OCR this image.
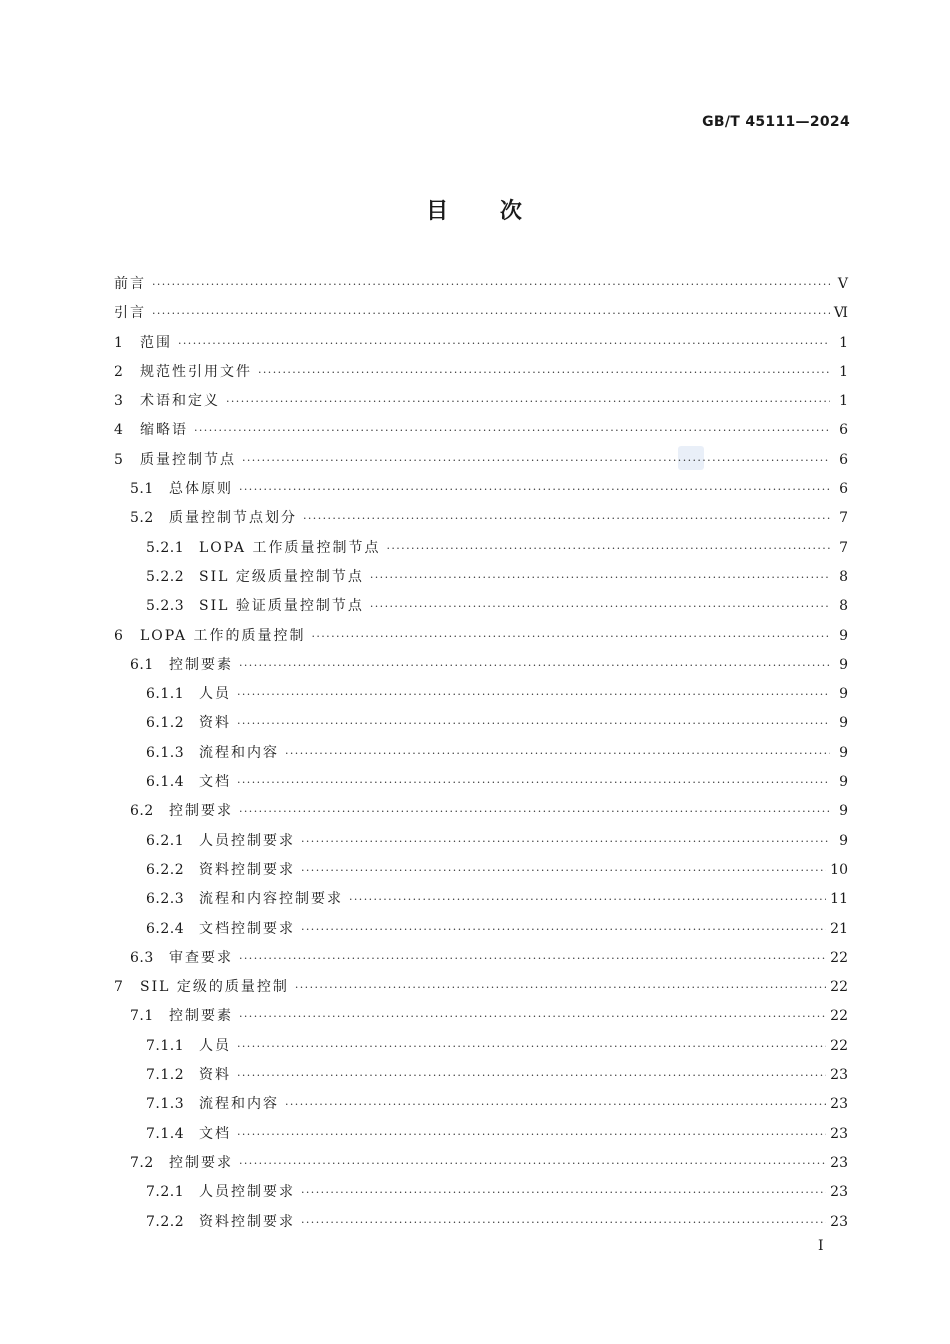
GB/T 45111—2024
目 次
前言 ·····	Ⅴ
引言 ·····	Ⅵ
1	范围 ·····	1
2	规范性引用文件 ·····	1
3	术语和定义 ·····	1
4	缩略语 ·····	6
5	质量控制节点 ·····	6
5.1	总体原则 ·····	6
5.2	质量控制节点划分 ·····	7
5.2.1	LOPA 工作质量控制节点 ·····	7
5.2.2	SIL 定级质量控制节点 ·····	8
5.2.3	SIL 验证质量控制节点 ·····	8
6	LOPA 工作的质量控制 ·····	9
6.1	控制要素 ·····	9
6.1.1	人员 ·····	9
6.1.2	资料 ·····	9
6.1.3	流程和内容 ·····	9
6.1.4	文档 ·····	9
6.2	控制要求 ·····	9
6.2.1	人员控制要求 ·····	9
6.2.2	资料控制要求 ·····	10
6.2.3	流程和内容控制要求 ·····	11
6.2.4	文档控制要求 ·····	21
6.3	审查要求 ·····	22
7	SIL 定级的质量控制 ·····	22
7.1	控制要素 ·····	22
7.1.1	人员 ·····	22
7.1.2	资料 ·····	23
7.1.3	流程和内容 ·····	23
7.1.4	文档 ·····	23
7.2	控制要求 ·····	23
7.2.1	人员控制要求 ·····	23
7.2.2	资料控制要求 ·····	23
I
